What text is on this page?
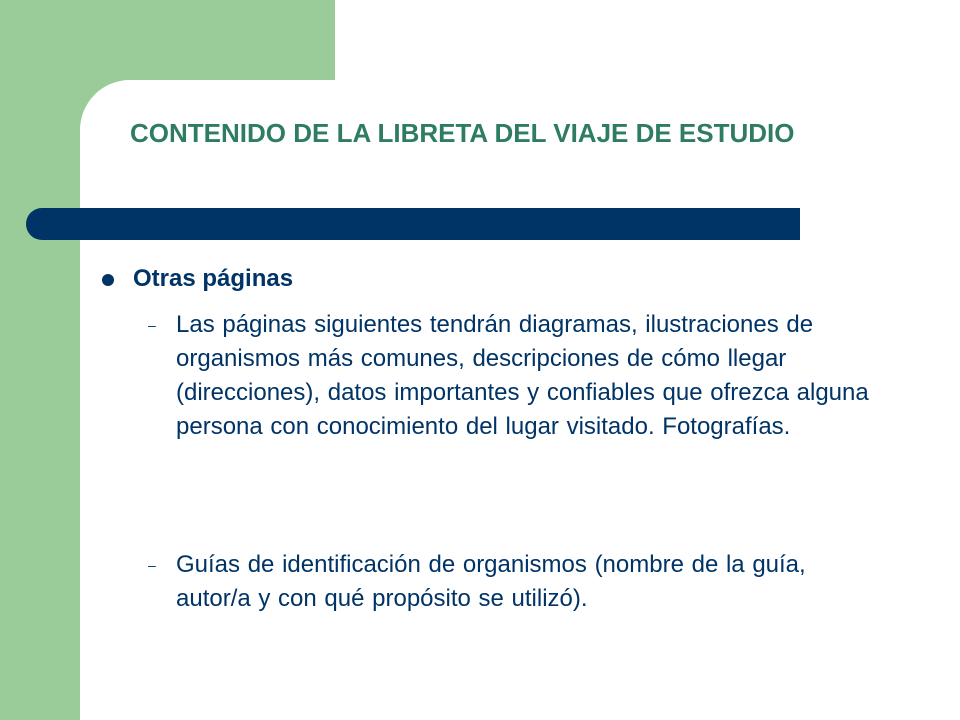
CONTENIDO DE LA LIBRETA DEL VIAJE DE ESTUDIO
Otras páginas
– Las páginas siguientes tendrán diagramas, ilustraciones de organismos más comunes, descripciones de cómo llegar (direcciones), datos importantes y confiables que ofrezca alguna persona con conocimiento del lugar visitado. Fotografías.

– Guías de identificación de organismos (nombre de la guía, autor/a y con qué propósito se utilizó).
